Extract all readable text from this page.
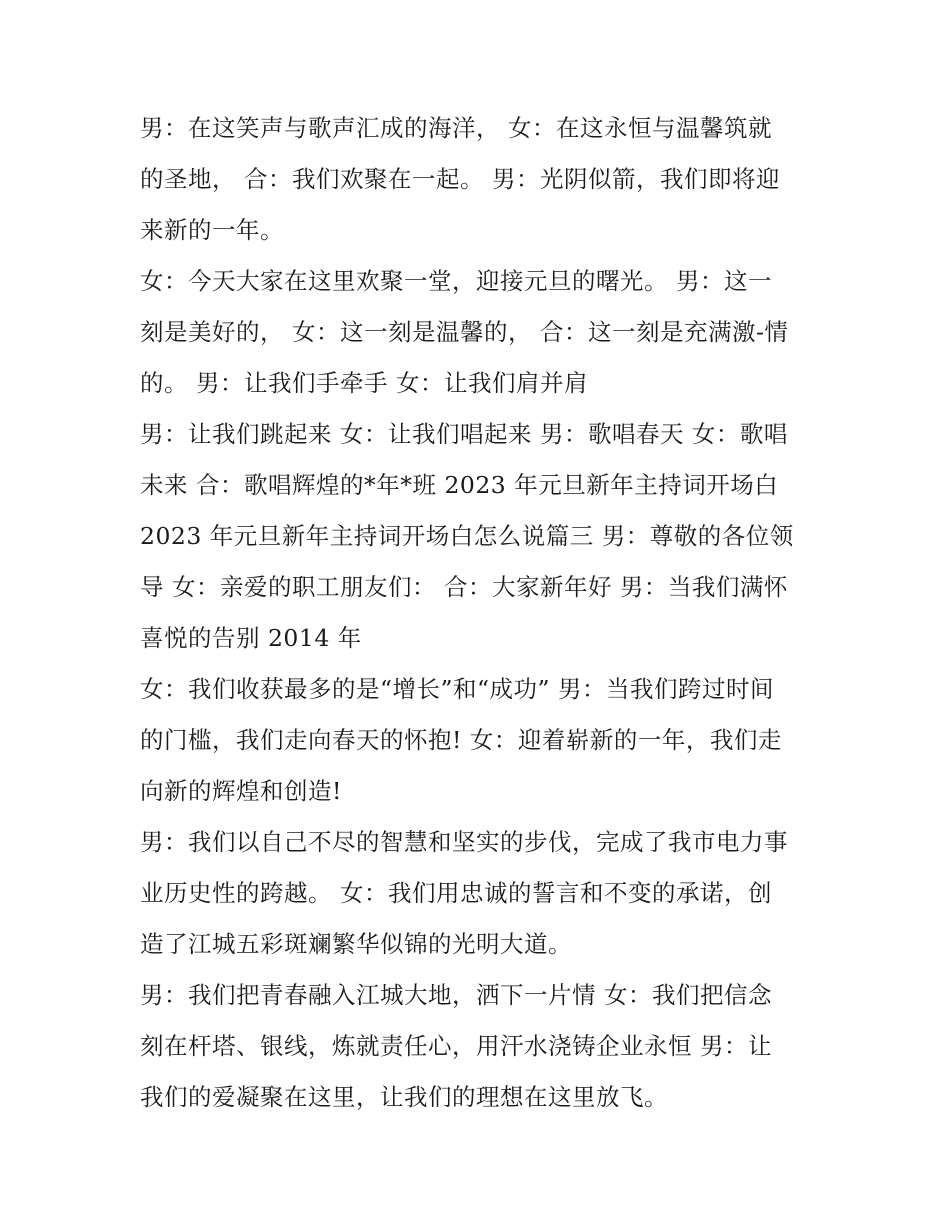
男：在这笑声与歌声汇成的海洋， 女：在这永恒与温馨筑就
的圣地， 合：我们欢聚在一起。 男：光阴似箭，我们即将迎
来新的一年。
女：今天大家在这里欢聚一堂，迎接元旦的曙光。 男：这一
刻是美好的， 女：这一刻是温馨的， 合：这一刻是充满激-情
的。 男：让我们手牵手 女：让我们肩并肩
男：让我们跳起来 女：让我们唱起来 男：歌唱春天 女：歌唱
未来 合：歌唱辉煌的*年*班 2023 年元旦新年主持词开场白
2023 年元旦新年主持词开场白怎么说篇三 男：尊敬的各位领
导 女：亲爱的职工朋友们： 合：大家新年好 男：当我们满怀
喜悦的告别 2014 年
女：我们收获最多的是“增长”和“成功” 男：当我们跨过时间
的门槛，我们走向春天的怀抱! 女：迎着崭新的一年，我们走
向新的辉煌和创造!
男：我们以自己不尽的智慧和坚实的步伐，完成了我市电力事
业历史性的跨越。 女：我们用忠诚的誓言和不变的承诺，创
造了江城五彩斑斓繁华似锦的光明大道。
男：我们把青春融入江城大地，洒下一片情 女：我们把信念
刻在杆塔、银线，炼就责任心，用汗水浇铸企业永恒 男：让
我们的爱凝聚在这里，让我们的理想在这里放飞。
